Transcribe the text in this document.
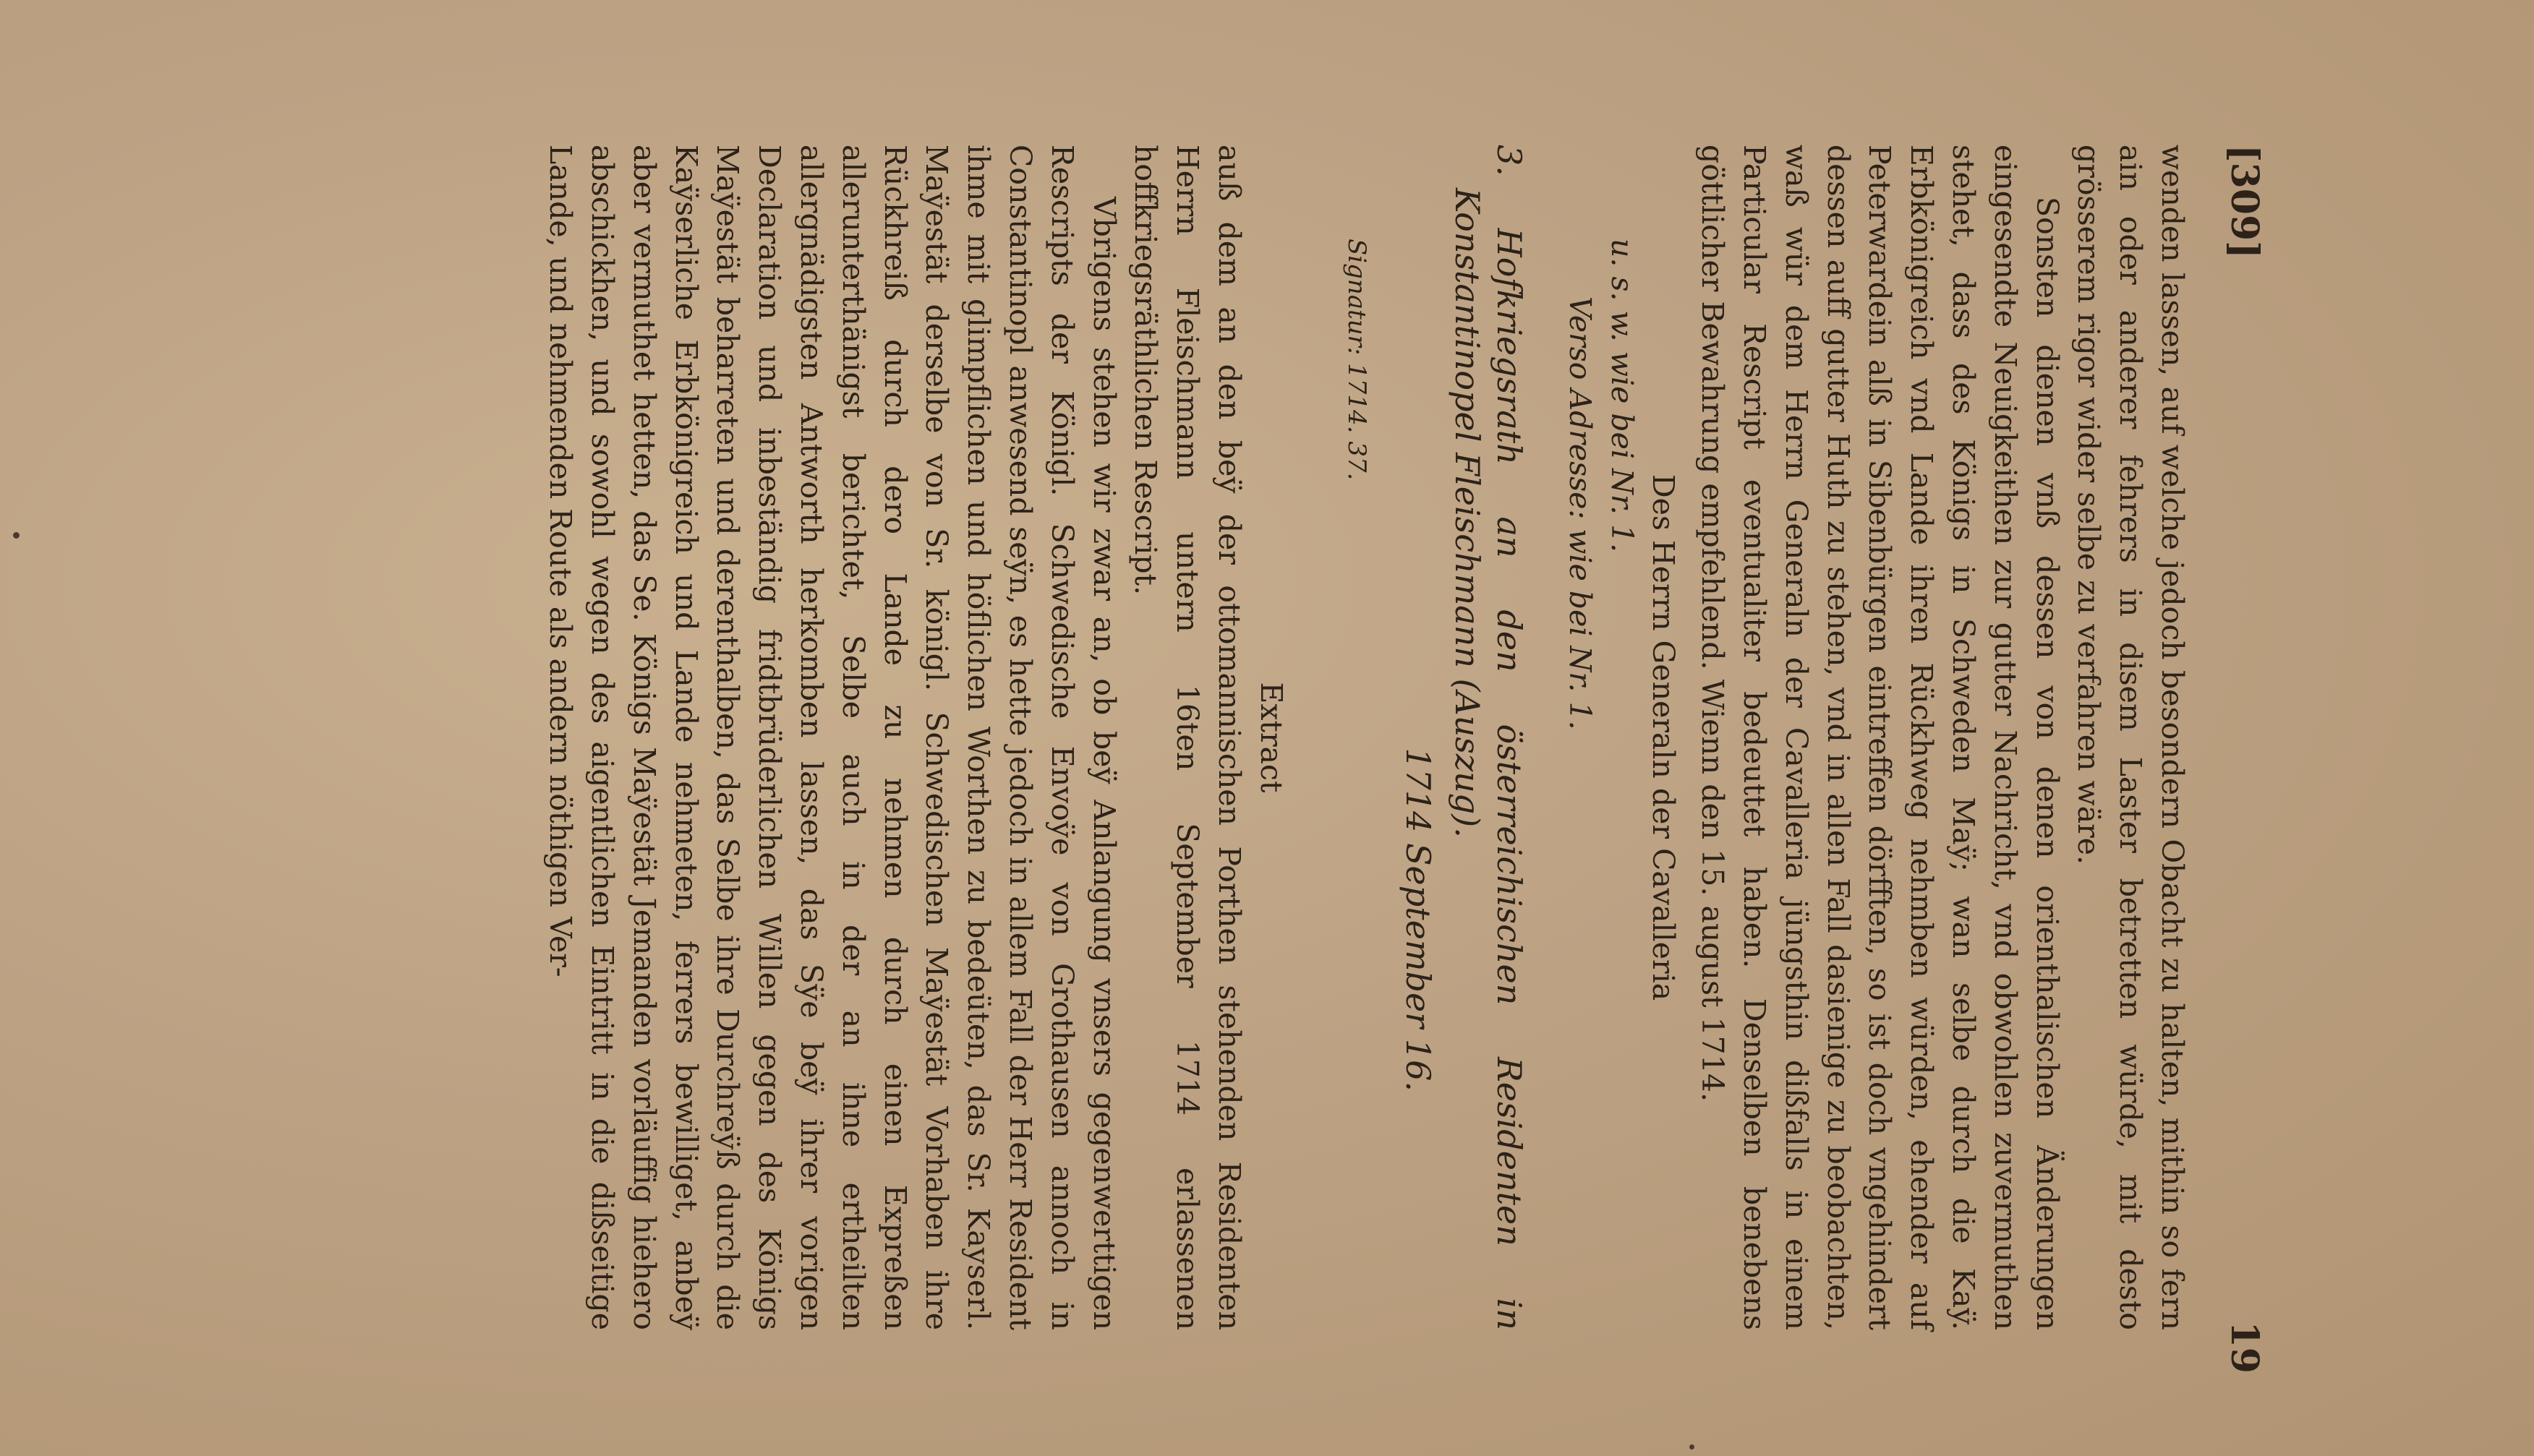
[309]
19

wenden lassen, auf welche jedoch besondern Obacht zu halten, mithin so fern ain oder anderer fehrers in disem Laster betretten würde, mit desto grösserem rigor wider selbe zu verfahren wäre.

Sonsten dienen vnß dessen von denen orienthalischen Änderungen eingesendte Neuigkeithen zur gutter Nachricht, vnd obwohlen zuvermuthen stehet, dass des Königs in Schweden Maÿ; wan selbe durch die Kaÿ. Erbkönigreich vnd Lande ihren Rückhweg nehmben würden, ehender auf Peterwardein alß in Sibenbürgen eintreffen dörfften, so ist doch vngehindert dessen auff gutter Huth zu stehen, vnd in allen Fall dasienige zu beobachten, waß wür dem Herrn Generaln der Cavalleria jüngsthin dißfalls in einem Particular Rescript eventualiter bedeuttet haben. Denselben benebens göttlicher Bewahrung empfehlend. Wienn den 15. august 1714.

Des Herrn Generaln der Cavalleria

u. s. w. wie bei Nr. 1.

Verso Adresse: wie bei Nr. 1.

3. Hofkriegsrath an den österreichischen Residenten in Konstantinopel Fleischmann (Auszug).

1714 September 16.

Signatur: 1714. 37.

Extract

auß dem an den beÿ der ottomannischen Porthen stehenden Residenten Herrn Fleischmann untern 16ten September 1714 erlassenen hoffkriegsräthlichen Rescript.

Vbrigens stehen wir zwar an, ob beÿ Anlangung vnsers gegenwerttigen Rescripts der Königl. Schwedische Envoÿe von Grothausen annoch in Constantinopl anwesend seÿn, es hette jedoch in allem Fall der Herr Resident ihme mit glimpflichen und höflichen Worthen zu bedeüten, das Sr. Kayserl. Maÿestät derselbe von Sr. königl. Schwedischen Maÿestät Vorhaben ihre Rückhreiß durch dero Lande zu nehmen durch einen Expreßen allerunterthänigst berichtet, Selbe auch in der an ihne ertheilten allergnädigsten Antworth herkomben lassen, das Sÿe beÿ ihrer vorigen Declaration und inbeständig fridtbrüderlichen Willen gegen des Königs Maÿestät beharreten und derenthalben, das Selbe ihre Durchreÿß durch die Kaÿserliche Erbkönigreich und Lande nehmeten, ferrers bewilliget, anbeÿ aber vermuthet hetten, das Se. Königs Maÿestät Jemanden vorläuffig hiehero abschickhen, und sowohl wegen des aigentlichen Eintritt in die dißseitige Lande, und nehmenden Route als andern nöthigen Ver-
